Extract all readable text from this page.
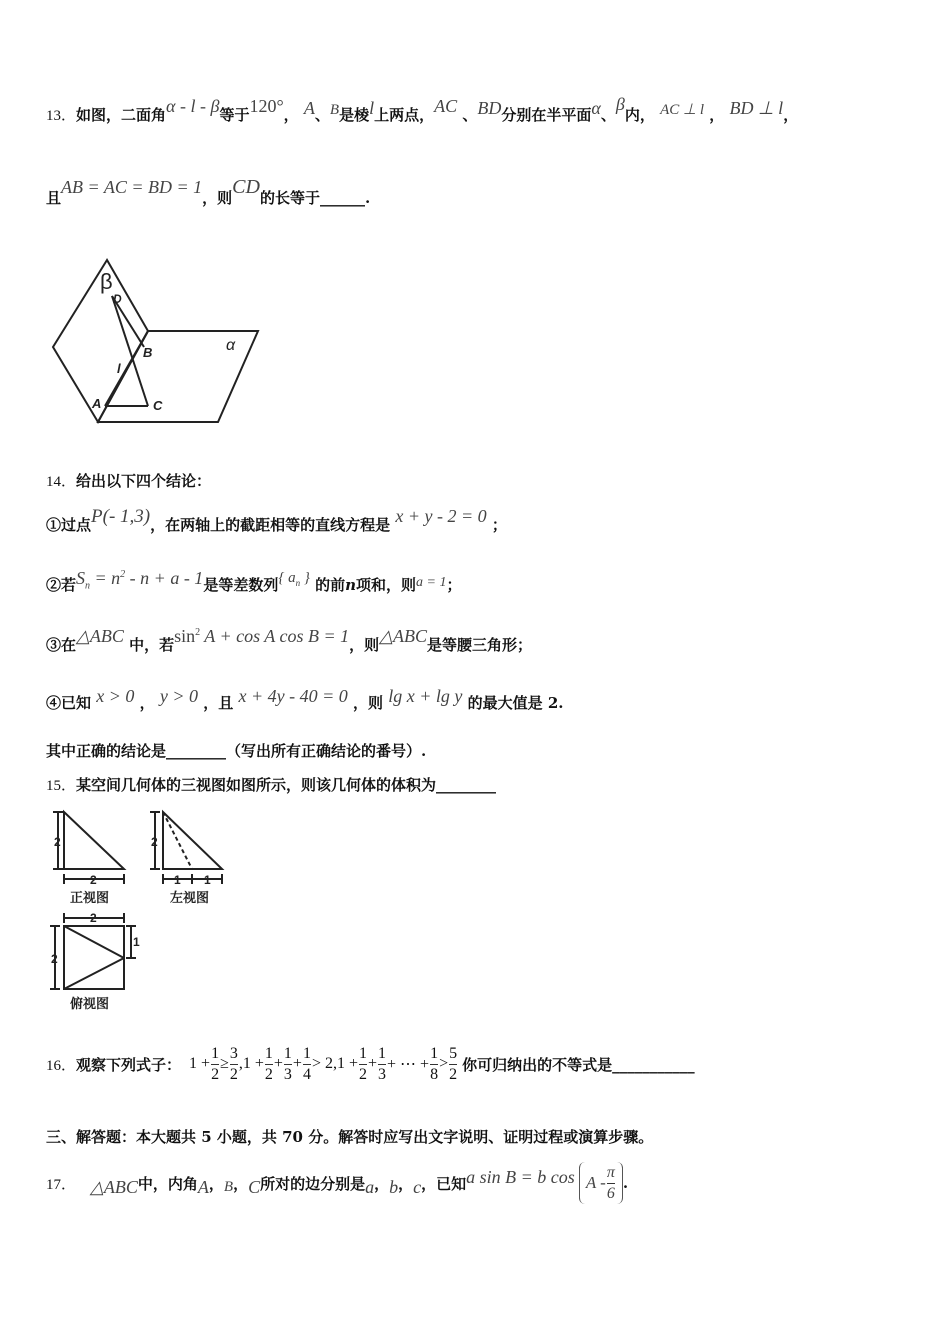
13．如图，二面角α - l - β等于120°， A、B是棱l上两点，AC 、BD分别在半平面α、β内， AC ⊥ l ， BD ⊥ l，
且AB = AC = BD = 1，则CD的长等于______.
β
D
B
l
A	C
α
14．给出以下四个结论：
①过点P(- 1,3)，在两轴上的截距相等的直线方程是 x + y - 2 = 0 ；
②若$S_n = n^2 - n + a - 1$是等差数列{ $a_n$ } 的前n项和，则a = 1；
③在△ABC 中，若$\sin^2 A + \cos A$ cos B = 1，则△ABC是等腰三角形；
④已知 x > 0 ， y > 0 ，且 x + 4y - 40 = 0 ，则 lg x + lg y 的最大值是 2.
其中正确的结论是________（写出所有正确结论的番号）.
15．某空间几何体的三视图如图所示，则该几何体的体积为________
2
2
正视图
2
1 1
左视图
2
2
1
俯视图
16． 观察下列式子： $1 + \frac{1}{2} \ge \frac{3}{2} ,1 + \frac{1}{2} + \frac{1}{3} + \frac{1}{4} > 2,1 + \frac{1}{2} + \frac{1}{3}$ + ⋯ + $\frac{1}{8} > \frac{5}{2}$ 你可归纳出的不等式是___________
三、解答题：本大题共 5 小题，共 70 分。解答时应写出文字说明、证明过程或演算步骤。
17． △ABC 中，内角 A ， B ， C 所对的边分别是 a ， b ， c ，已知 a sin B = b cos A - $\frac{\pi}{6}$ .
